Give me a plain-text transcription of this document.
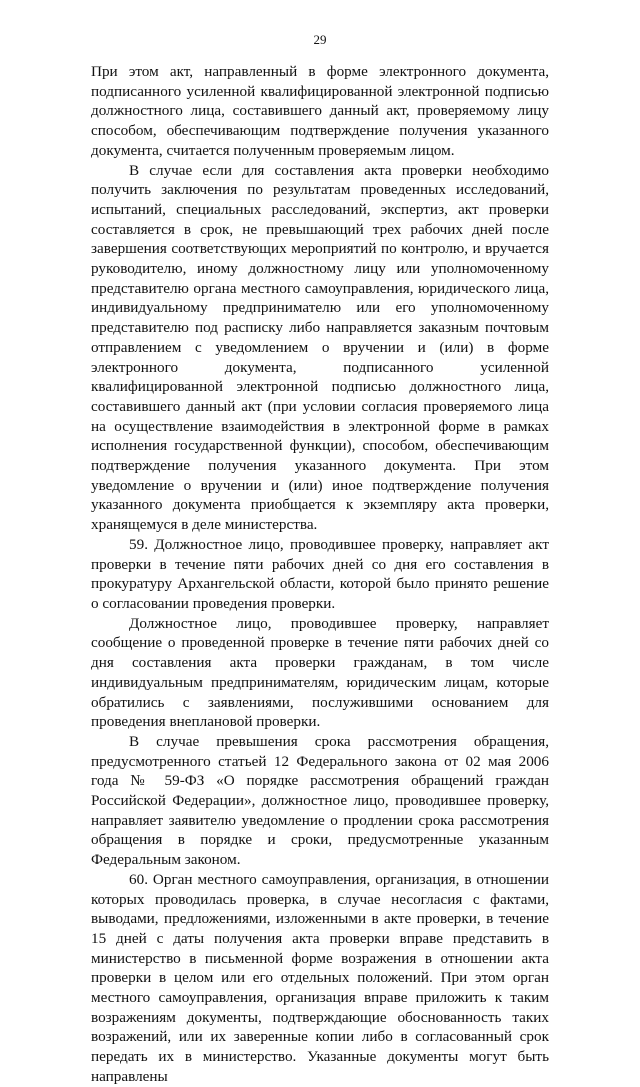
29

При этом акт, направленный в форме электронного документа, подписанного усиленной квалифицированной электронной подписью должностного лица, составившего данный акт, проверяемому лицу способом, обеспечивающим подтверждение получения указанного документа, считается полученным проверяемым лицом.

В случае если для составления акта проверки необходимо получить заключения по результатам проведенных исследований, испытаний, специальных расследований, экспертиз, акт проверки составляется в срок, не превышающий трех рабочих дней после завершения соответствующих мероприятий по контролю, и вручается руководителю, иному должностному лицу или уполномоченному представителю органа местного самоуправления, юридического лица, индивидуальному предпринимателю или его уполномоченному представителю под расписку либо направляется заказным почтовым отправлением с уведомлением о вручении и (или) в форме электронного документа, подписанного усиленной квалифицированной электронной подписью должностного лица, составившего данный акт (при условии согласия проверяемого лица на осуществление взаимодействия в электронной форме в рамках исполнения государственной функции), способом, обеспечивающим подтверждение получения указанного документа. При этом уведомление о вручении и (или) иное подтверждение получения указанного документа приобщается к экземпляру акта проверки, хранящемуся в деле министерства.

59. Должностное лицо, проводившее проверку, направляет акт проверки в течение пяти рабочих дней со дня его составления в прокуратуру Архангельской области, которой было принято решение о согласовании проведения проверки.

Должностное лицо, проводившее проверку, направляет сообщение о проведенной проверке в течение пяти рабочих дней со дня составления акта проверки гражданам, в том числе индивидуальным предпринимателям, юридическим лицам, которые обратились с заявлениями, послужившими основанием для проведения внеплановой проверки.

В случае превышения срока рассмотрения обращения, предусмотренного статьей 12 Федерального закона от 02 мая 2006 года № 59-ФЗ «О порядке рассмотрения обращений граждан Российской Федерации», должностное лицо, проводившее проверку, направляет заявителю уведомление о продлении срока рассмотрения обращения в порядке и сроки, предусмотренные указанным Федеральным законом.

60. Орган местного самоуправления, организация, в отношении которых проводилась проверка, в случае несогласия с фактами, выводами, предложениями, изложенными в акте проверки, в течение 15 дней с даты получения акта проверки вправе представить в министерство в письменной форме возражения в отношении акта проверки в целом или его отдельных положений. При этом орган местного самоуправления, организация вправе приложить к таким возражениям документы, подтверждающие обоснованность таких возражений, или их заверенные копии либо в согласованный срок передать их в министерство. Указанные документы могут быть направлены
